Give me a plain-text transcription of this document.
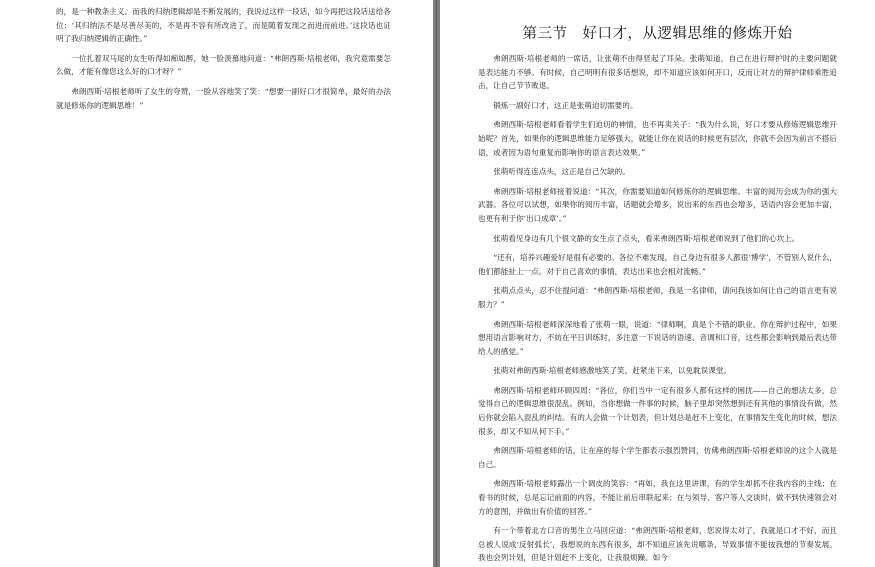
的，是一种教条主义。而我的归纳逻辑却是不断发展的，我说过这样一段话，如今再把这段话送给各位：‘其归纳法不是尽善尽美的，不是再不容有所改进了，而是随着发现之而进而前进。’这段话也证明了我归纳逻辑的正确性。”

一位扎着双马尾的女生听得如痴如醉，她一脸羡慕地问道：“弗朗西斯·培根老师，我究竟需要怎么做，才能有像您这么好的口才呀？”

弗朗西斯·培根老师听了女生的夸赞，一脸从容地笑了笑：“想要一副好口才很简单，最好的办法就是修炼你的逻辑思维！”

第三节　好口才，从逻辑思维的修炼开始

弗朗西斯·培根老师的一席话，让张萌不由得竖起了耳朵。张萌知道，自己在进行辩护时的主要问题就是表达能力不够。有时候，自己明明有很多话想说，却不知道应该如何开口，反而让对方的辩护律师乘胜追击，让自己节节败退。

锻炼一副好口才，这正是张萌迫切需要的。

弗朗西斯·培根老师看着学生们迫切的神情，也不再卖关子：“我为什么说，好口才要从修炼逻辑思维开始呢？首先，如果你的逻辑思维能力足够强大，就能让你在说话的时候更有层次，你就不会因为前言不搭后语，或者因为语句重复而影响你的语言表达效果。”

张萌听得连连点头，这正是自己欠缺的。

弗朗西斯·培根老师接着说道：“其次，你需要知道如何修炼你的逻辑思维。丰富的阅历会成为你的强大武器。各位可以试想，如果你的阅历丰富，话题就会增多，说出来的东西也会增多，话语内容会更加丰富，也更有利于你‘出口成章’。”

张萌看见身边有几个很文静的女生点了点头，看来弗朗西斯·培根老师说到了他们的心坎上。

“还有，培养兴趣爱好是很有必要的。各位不难发现，自己身边有很多人都很‘博学’，不管别人说什么，他们都能扯上一点。对于自己喜欢的事情，表达出来也会相对流畅。”

张萌点点头，忍不住提问道：“弗朗西斯·培根老师，我是一名律师，请问我该如何让自己的语言更有说服力？”

弗朗西斯·培根老师深深地看了张萌一眼，说道：“律师啊，真是个不错的职业。你在辩护过程中，如果想用语言影响对方，不妨在平日训练时，多注意一下说话的语速、音调和口音，这些都会影响到最后表达带给人的感觉。”

张萌对弗朗西斯·培根老师感激地笑了笑，赶紧坐下来，以免耽误课堂。

弗朗西斯·培根老师环顾四周：“各位，你们当中一定有很多人都有这样的困扰——自己的想法太多，总觉得自己的逻辑思维很混乱。例如，当你想做一件事的时候，脑子里却突然想到还有其他的事情没有做，然后你就会陷入混乱的纠结。有的人会做一个计划表，但计划总是赶不上变化，在事情发生变化的时候，想法很多，却又不知从何下手。”

弗朗西斯·培根老师的话，让在座的每个学生都表示强烈赞同，仿佛弗朗西斯·培根老师说的这个人就是自己。

弗朗西斯·培根老师露出一个调皮的笑容：“再如，我在这里讲课，有的学生却抓不住我内容的主线；在看书的时候，总是忘记前面的内容，不能让前后串联起来；在与领导、客户等人交谈时，做不到快速领会对方的意图，并做出有价值的回答。”

有一个带着北方口音的男生立马回应道：“弗朗西斯·培根老师，您说得太对了，我就是口才不好，而且总被人说成‘反射弧长’，我想说的东西有很多，却不知道应该先说哪条，导致事情不能按我想的节奏发展。我也会列计划，但是计划赶不上变化，让我很烦躁。如今
